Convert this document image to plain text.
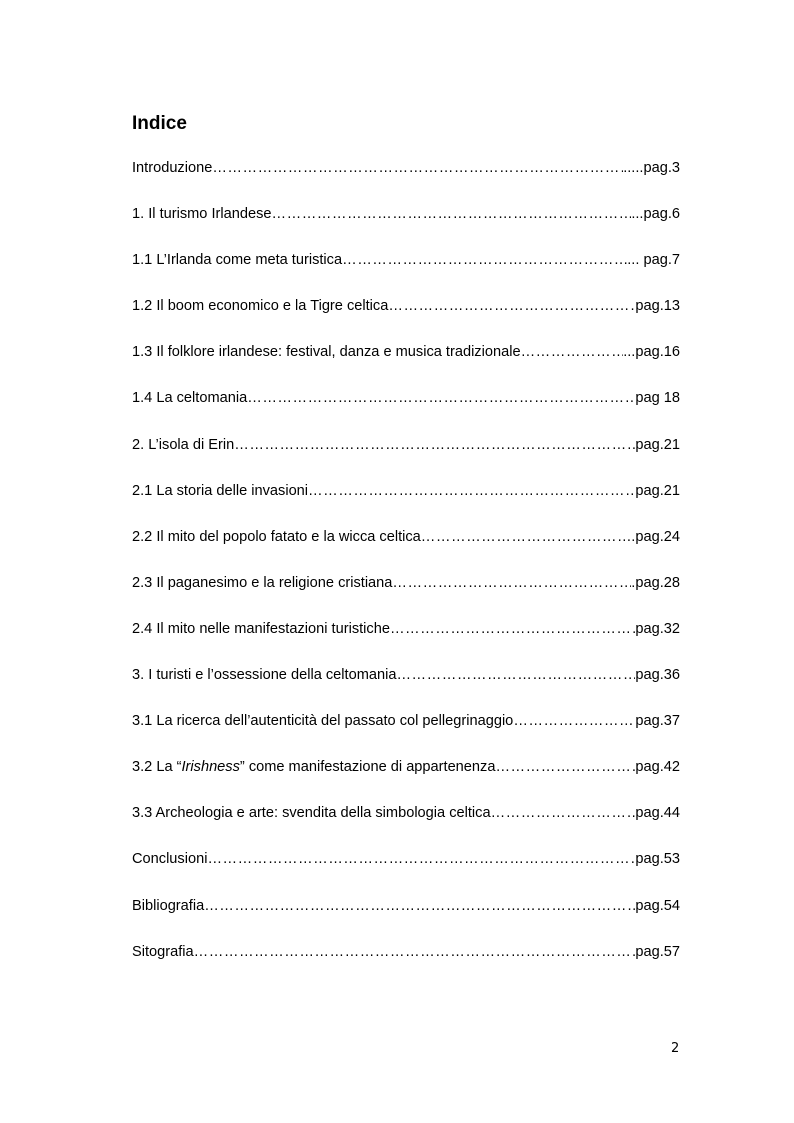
Indice
Introduzione ……………………………………………………………………………………………………………………………………………………………………………………	.....pag.3
1. Il turismo Irlandese ……………………………………………………………………………………………………………………………………………………………………………………	...pag.6
1.1 L’Irlanda come meta turistica ……………………………………………………………………………………………………………………………………………………………………………………	... pag.7
1.2 Il boom economico e la Tigre celtica ……………………………………………………………………………………………………………………………………………………………………………………	pag.13
1.3 Il folklore irlandese: festival, danza e musica tradizionale ……………………………………………………………………………………………………………………………………………………………………………………	...pag.16
1.4 La celtomania ……………………………………………………………………………………………………………………………………………………………………………………	pag 18
2. L’isola di Erin ……………………………………………………………………………………………………………………………………………………………………………………	pag.21
2.1 La storia delle invasioni ……………………………………………………………………………………………………………………………………………………………………………………	pag.21
2.2 Il mito del popolo fatato e la wicca celtica ……………………………………………………………………………………………………………………………………………………………………………………	.pag.24
2.3 Il paganesimo e la religione cristiana ……………………………………………………………………………………………………………………………………………………………………………………	.pag.28
2.4 Il mito nelle manifestazioni turistiche ……………………………………………………………………………………………………………………………………………………………………………………	pag.32
3. I turisti e l’ossessione della celtomania ……………………………………………………………………………………………………………………………………………………………………………………	pag.36
3.1 La ricerca dell’autenticità del passato col pellegrinaggio ……………………………………………………………………………………………………………………………………………………………………………………	pag.37
3.2 La “Irishness” come manifestazione di appartenenza ……………………………………………………………………………………………………………………………………………………………………………………	pag.42
3.3 Archeologia e arte: svendita della simbologia celtica ……………………………………………………………………………………………………………………………………………………………………………………	pag.44
Conclusioni ……………………………………………………………………………………………………………………………………………………………………………………	pag.53
Bibliografia ……………………………………………………………………………………………………………………………………………………………………………………	pag.54
Sitografia ……………………………………………………………………………………………………………………………………………………………………………………	pag.57
2
